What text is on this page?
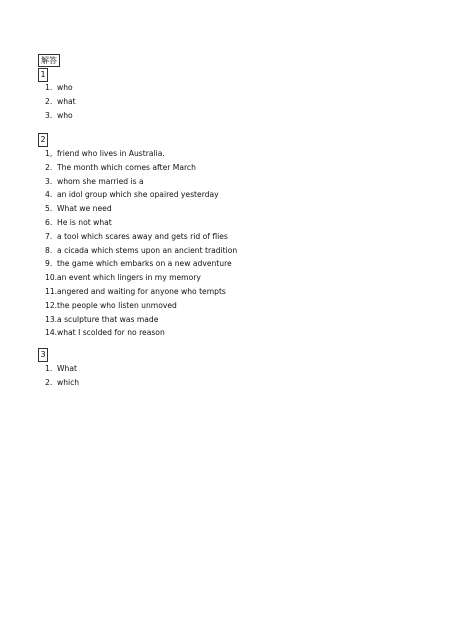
解答
1
1. who
2. what
3. who
2
1, friend who lives in Australia.
2. The month which comes after March
3. whom she married is a
4. an idol group which she opaired yesterday
5. What we need
6. He is not what
7. a tool which scares away and gets rid of flies
8. a cicada which stems upon an ancient tradition
9. the game which embarks on a new adventure
10.an event which lingers in my memory
11.angered and waiting for anyone who tempts
12.the people who listen unmoved
13.a sculpture that was made
14.what I scolded for no reason
3
1. What
2. which
